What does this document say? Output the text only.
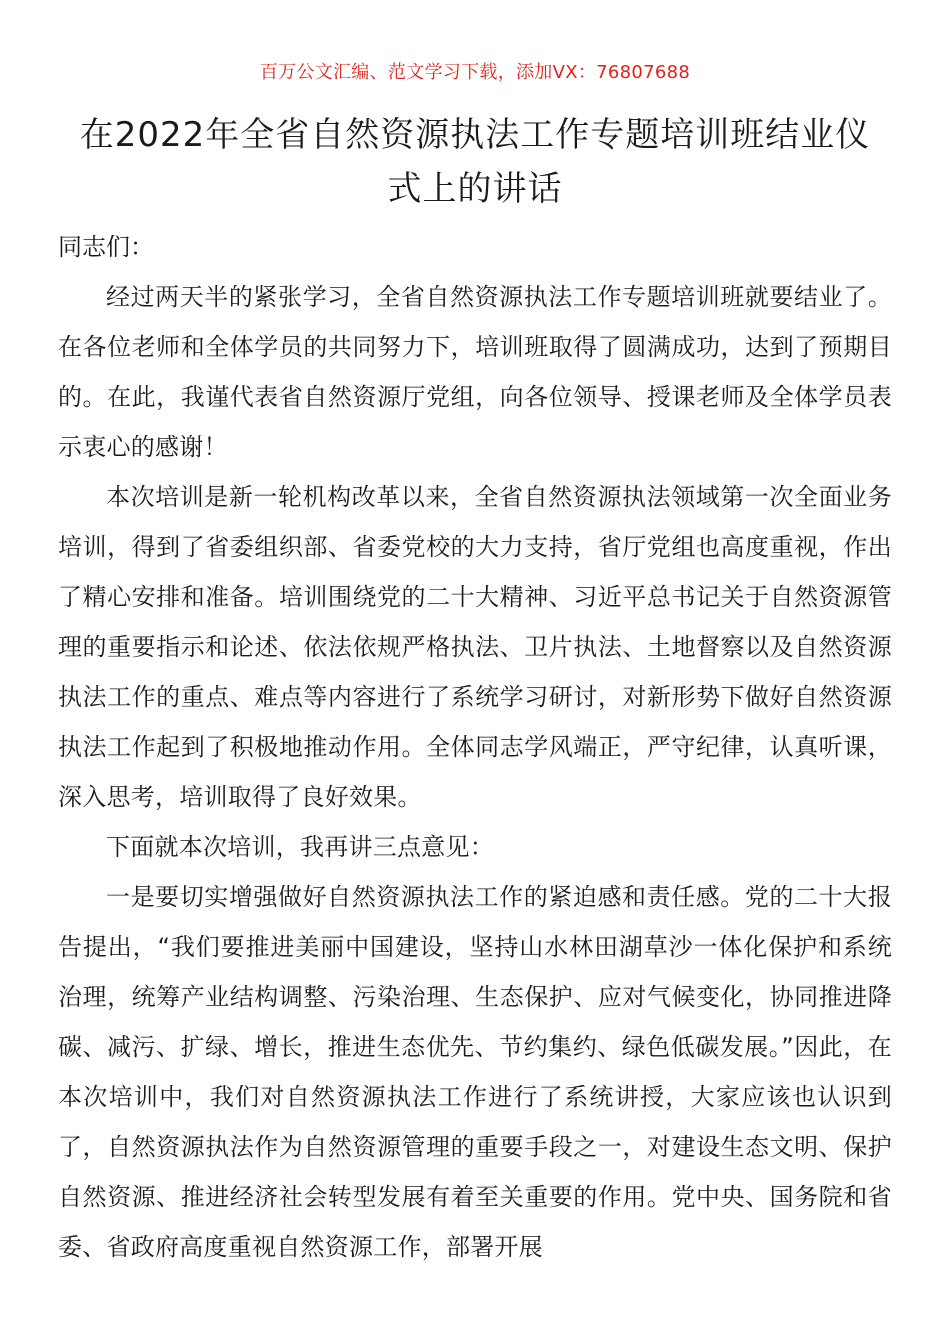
百万公文汇编、范文学习下载，添加VX：76807688
在2022年全省自然资源执法工作专题培训班结业仪式上的讲话
同志们：

经过两天半的紧张学习，全省自然资源执法工作专题培训班就要结业了。在各位老师和全体学员的共同努力下，培训班取得了圆满成功，达到了预期目的。在此，我谨代表省自然资源厅党组，向各位领导、授课老师及全体学员表示衷心的感谢！

本次培训是新一轮机构改革以来，全省自然资源执法领域第一次全面业务培训，得到了省委组织部、省委党校的大力支持，省厅党组也高度重视，作出了精心安排和准备。培训围绕党的二十大精神、习近平总书记关于自然资源管理的重要指示和论述、依法依规严格执法、卫片执法、土地督察以及自然资源执法工作的重点、难点等内容进行了系统学习研讨，对新形势下做好自然资源执法工作起到了积极地推动作用。全体同志学风端正，严守纪律，认真听课，深入思考，培训取得了良好效果。

下面就本次培训，我再讲三点意见：

一是要切实增强做好自然资源执法工作的紧迫感和责任感。党的二十大报告提出，“我们要推进美丽中国建设，坚持山水林田湖草沙一体化保护和系统治理，统筹产业结构调整、污染治理、生态保护、应对气候变化，协同推进降碳、减污、扩绿、增长，推进生态优先、节约集约、绿色低碳发展。”因此，在本次培训中，我们对自然资源执法工作进行了系统讲授，大家应该也认识到了，自然资源执法作为自然资源管理的重要手段之一，对建设生态文明、保护自然资源、推进经济社会转型发展有着至关重要的作用。党中央、国务院和省委、省政府高度重视自然资源工作，部署开展
